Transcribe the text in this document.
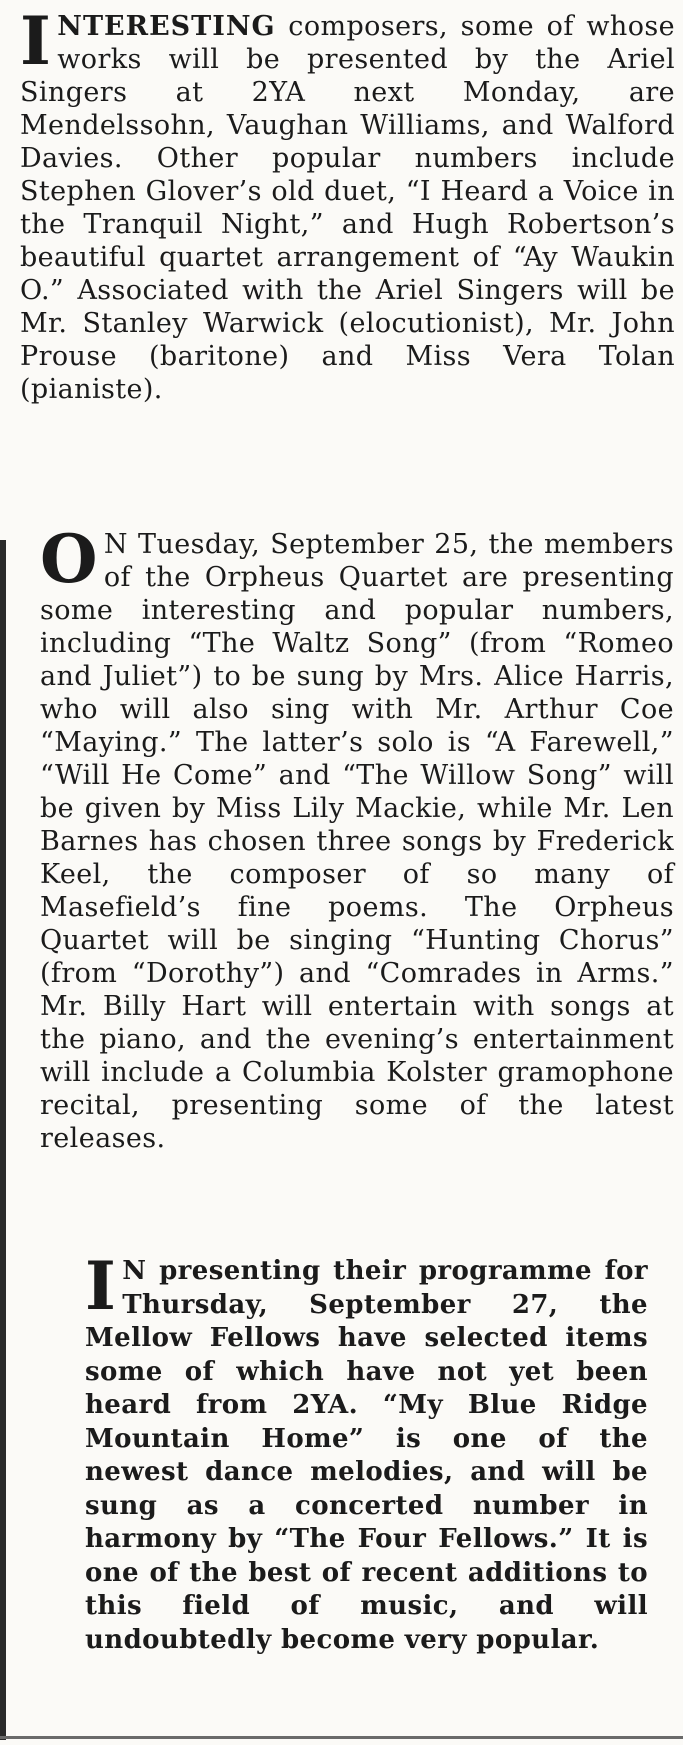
INTERESTING composers, some of whose works will be presented by the Ariel Singers at 2YA next Monday, are Mendelssohn, Vaughan Williams, and Walford Davies. Other popular numbers include Stephen Glover’s old duet, “I Heard a Voice in the Tranquil Night,” and Hugh Robertson’s beautiful quartet arrangement of “Ay Waukin O.” Associated with the Ariel Singers will be Mr. Stanley Warwick (elocutionist), Mr. John Prouse (baritone) and Miss Vera Tolan (pianiste).

O N Tuesday, September 25, the members of the Orpheus Quartet are presenting some interesting and popular numbers, including “The Waltz Song” (from “Romeo and Juliet”) to be sung by Mrs. Alice Harris, who will also sing with Mr. Arthur Coe “Maying.” The latter’s solo is “A Farewell,” “Will He Come” and “The Willow Song” will be given by Miss Lily Mackie, while Mr. Len Barnes has chosen three songs by Frederick Keel, the composer of so many of Masefield’s fine poems. The Orpheus Quartet will be singing “Hunting Chorus” (from “Dorothy”) and “Comrades in Arms.” Mr. Billy Hart will entertain with songs at the piano, and the evening’s entertainment will include a Columbia Kolster gramophone recital, presenting some of the latest releases.

I N presenting their programme for Thursday, September 27, the Mellow Fellows have selected items some of which have not yet been heard from 2YA. “My Blue Ridge Mountain Home” is one of the newest dance melodies, and will be sung as a concerted number in harmony by “The Four Fellows.” It is one of the best of recent additions to this field of music, and will undoubtedly become very popular.
